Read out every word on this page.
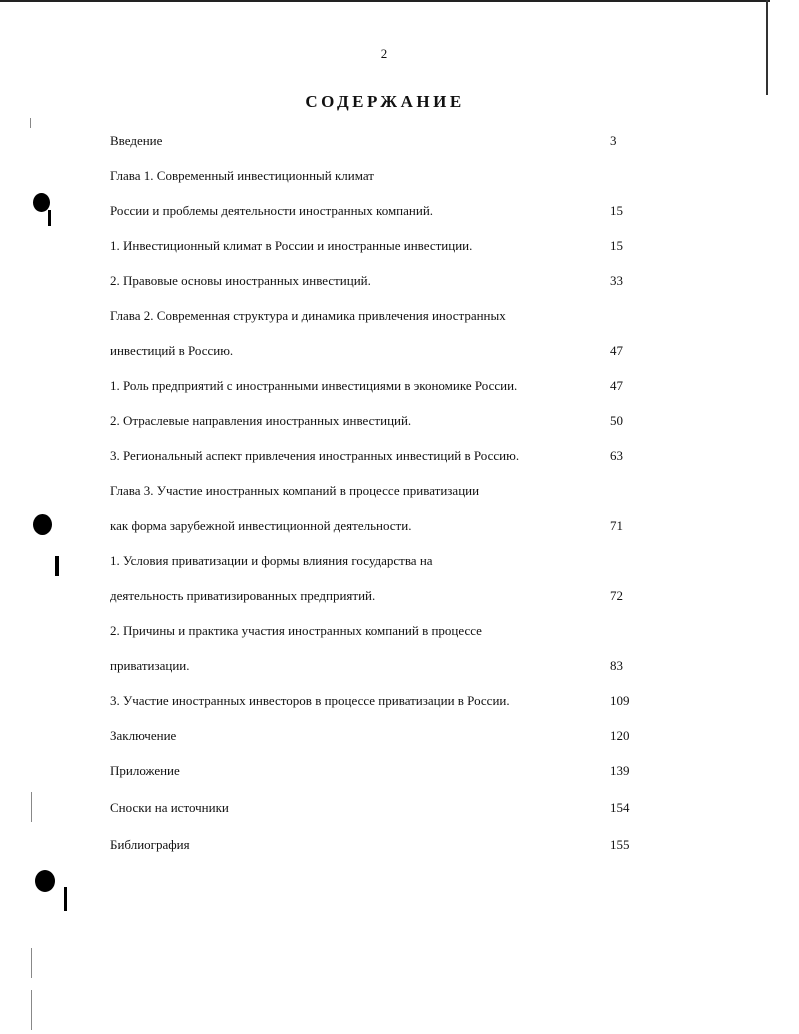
2
СОДЕРЖАНИЕ
Введение	3
Глава 1. Современный инвестиционный климат
России и проблемы деятельности иностранных компаний.	15
1. Инвестиционный климат в России и иностранные инвестиции.	15
2. Правовые основы иностранных инвестиций.	33
Глава 2. Современная структура и динамика привлечения иностранных
инвестиций в Россию.	47
1. Роль предприятий с иностранными инвестициями в экономике России.	47
2. Отраслевые направления иностранных инвестиций.	50
3. Региональный аспект привлечения иностранных инвестиций в Россию.	63
Глава 3. Участие иностранных компаний в процессе приватизации
как форма зарубежной инвестиционной деятельности.	71
1. Условия приватизации и формы влияния государства на
деятельность приватизированных предприятий.	72
2. Причины и практика участия иностранных компаний в процессе
приватизации.	83
3. Участие иностранных инвесторов в процессе приватизации в России.	109
Заключение	120
Приложение	139
Сноски на источники	154
Библиография	155
